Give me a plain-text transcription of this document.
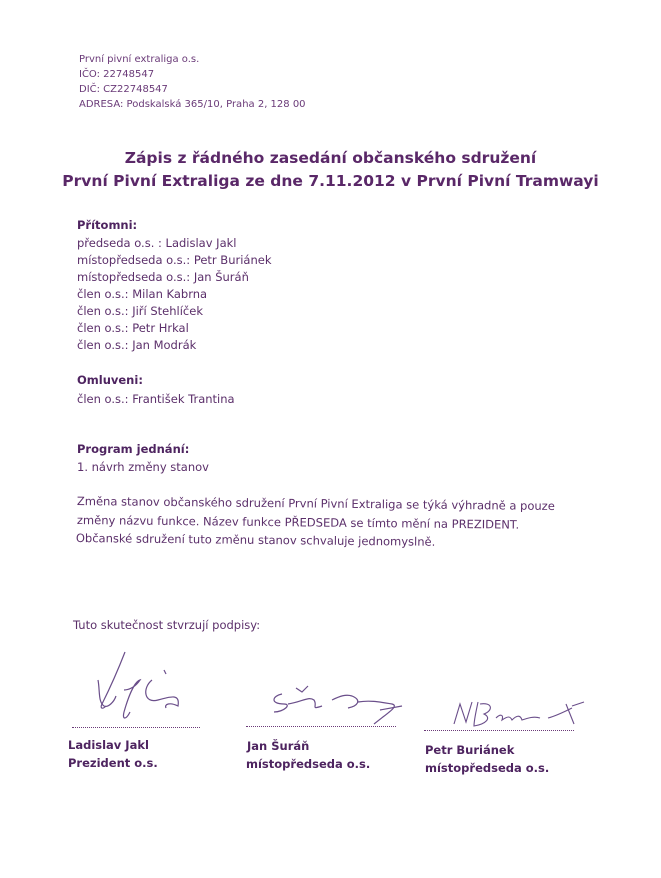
První pivní extraliga o.s.
IČO: 22748547
DIČ: CZ22748547
ADRESA: Podskalská 365/10, Praha 2, 128 00
Zápis z řádného zasedání občanského sdružení
První Pivní Extraliga ze dne 7.11.2012 v První Pivní Tramwayi
Přítomni:
předseda o.s. : Ladislav Jakl
místopředseda o.s.: Petr Buriánek
místopředseda o.s.: Jan Šuráň
člen o.s.: Milan Kabrna
člen o.s.: Jiří Stehlíček
člen o.s.: Petr Hrkal
člen o.s.: Jan Modrák
Omluveni:
člen o.s.: František Trantina
Program jednání:
1. návrh změny stanov
Změna stanov občanského sdružení První Pivní Extraliga se týká výhradně a pouze
změny názvu funkce. Název funkce PŘEDSEDA se tímto mění na PREZIDENT.
Občanské sdružení tuto změnu stanov schvaluje jednomyslně.
Tuto skutečnost stvrzují podpisy:
Ladislav Jakl
Prezident o.s.
Jan Šuráň
místopředseda o.s.
Petr Buriánek
místopředseda o.s.
